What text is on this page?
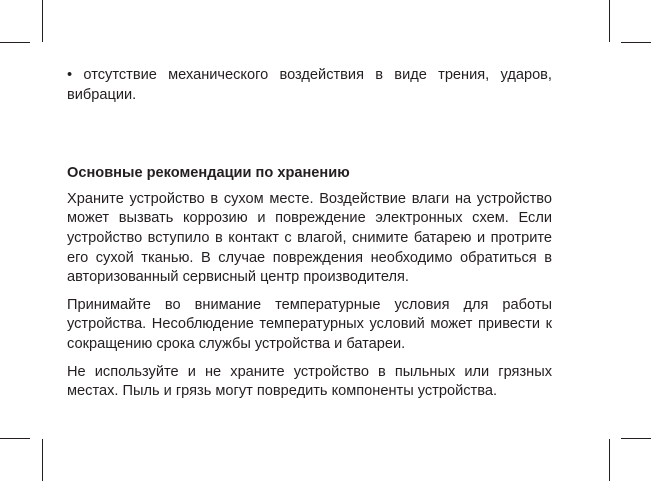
• отсутствие механического воздействия в виде трения, ударов, вибрации.

Основные рекомендации по хранению

Храните устройство в сухом месте. Воздействие влаги на устройство может вызвать коррозию и повреждение электронных схем. Если устройство вступило в контакт с влагой, снимите батарею и протрите его сухой тканью. В случае повреждения необходимо обратиться в авторизованный сервисный центр производителя.

Принимайте во внимание температурные условия для работы устройства. Несоблюдение температурных условий может привести к сокращению срока службы устройства и батареи.

Не используйте и не храните устройство в пыльных или грязных местах. Пыль и грязь могут повредить компоненты устройства.
